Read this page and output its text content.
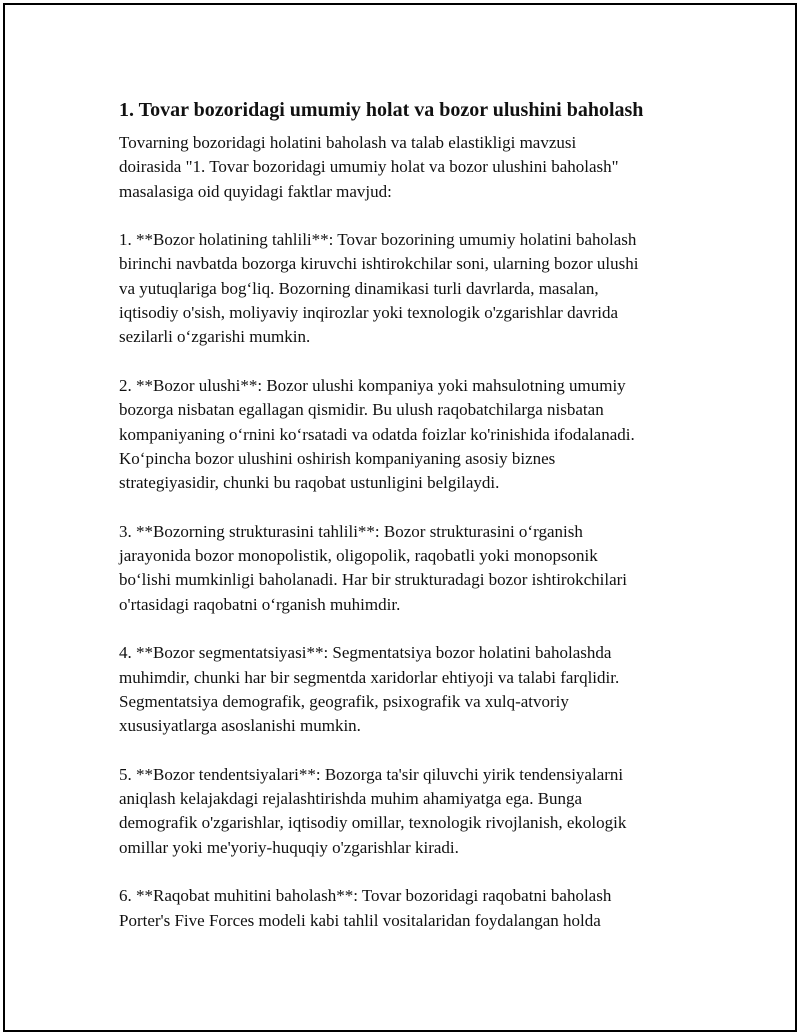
1. Tovar bozoridagi umumiy holat va bozor ulushini baholash

Tovarning bozoridagi holatini baholash va talab elastikligi mavzusi
doirasida "1. Tovar bozoridagi umumiy holat va bozor ulushini baholash"
masalasiga oid quyidagi faktlar mavjud:

1. **Bozor holatining tahlili**: Tovar bozorining umumiy holatini baholash
birinchi navbatda bozorga kiruvchi ishtirokchilar soni, ularning bozor ulushi
va yutuqlariga bog‘liq. Bozorning dinamikasi turli davrlarda, masalan,
iqtisodiy o'sish, moliyaviy inqirozlar yoki texnologik o'zgarishlar davrida
sezilarli o‘zgarishi mumkin.

2. **Bozor ulushi**: Bozor ulushi kompaniya yoki mahsulotning umumiy
bozorga nisbatan egallagan qismidir. Bu ulush raqobatchilarga nisbatan
kompaniyaning o‘rnini ko‘rsatadi va odatda foizlar ko'rinishida ifodalanadi.
Ko‘pincha bozor ulushini oshirish kompaniyaning asosiy biznes
strategiyasidir, chunki bu raqobat ustunligini belgilaydi.

3. **Bozorning strukturasini tahlili**: Bozor strukturasini o‘rganish
jarayonida bozor monopolistik, oligopolik, raqobatli yoki monopsonik
bo‘lishi mumkinligi baholanadi. Har bir strukturadagi bozor ishtirokchilari
o'rtasidagi raqobatni o‘rganish muhimdir.

4. **Bozor segmentatsiyasi**: Segmentatsiya bozor holatini baholashda
muhimdir, chunki har bir segmentda xaridorlar ehtiyoji va talabi farqlidir.
Segmentatsiya demografik, geografik, psixografik va xulq-atvoriy
xususiyatlarga asoslanishi mumkin.

5. **Bozor tendentsiyalari**: Bozorga ta'sir qiluvchi yirik tendensiyalarni
aniqlash kelajakdagi rejalashtirishda muhim ahamiyatga ega. Bunga
demografik o'zgarishlar, iqtisodiy omillar, texnologik rivojlanish, ekologik
omillar yoki me'yoriy-huquqiy o'zgarishlar kiradi.

6. **Raqobat muhitini baholash**: Tovar bozoridagi raqobatni baholash
Porter's Five Forces modeli kabi tahlil vositalaridan foydalangan holda
